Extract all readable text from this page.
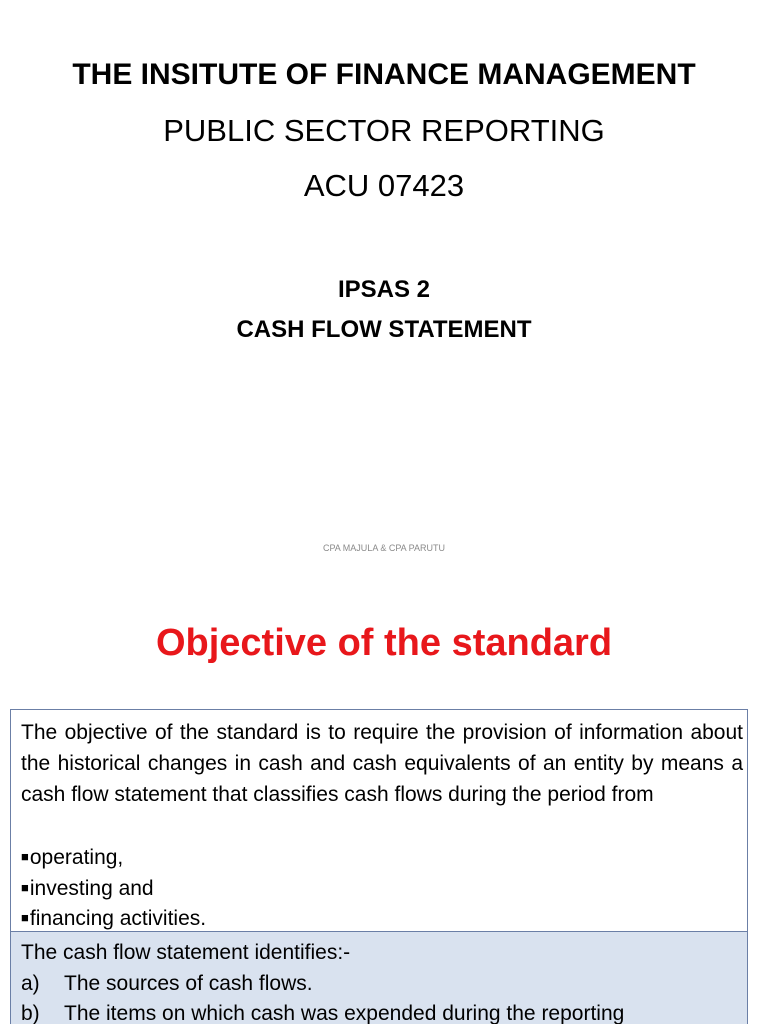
THE INSITUTE OF FINANCE MANAGEMENT
PUBLIC SECTOR REPORTING
ACU 07423
IPSAS 2
CASH FLOW STATEMENT
CPA MAJULA & CPA PARUTU
Objective of the standard
The objective of the standard is to require the provision of information about the historical changes in cash and cash equivalents of an entity by means a cash flow statement that classifies cash flows during the period from
■operating,
■investing and
■financing activities.
The cash flow statement identifies:-
a) The sources of cash flows.
b) The items on which cash was expended during the reporting
